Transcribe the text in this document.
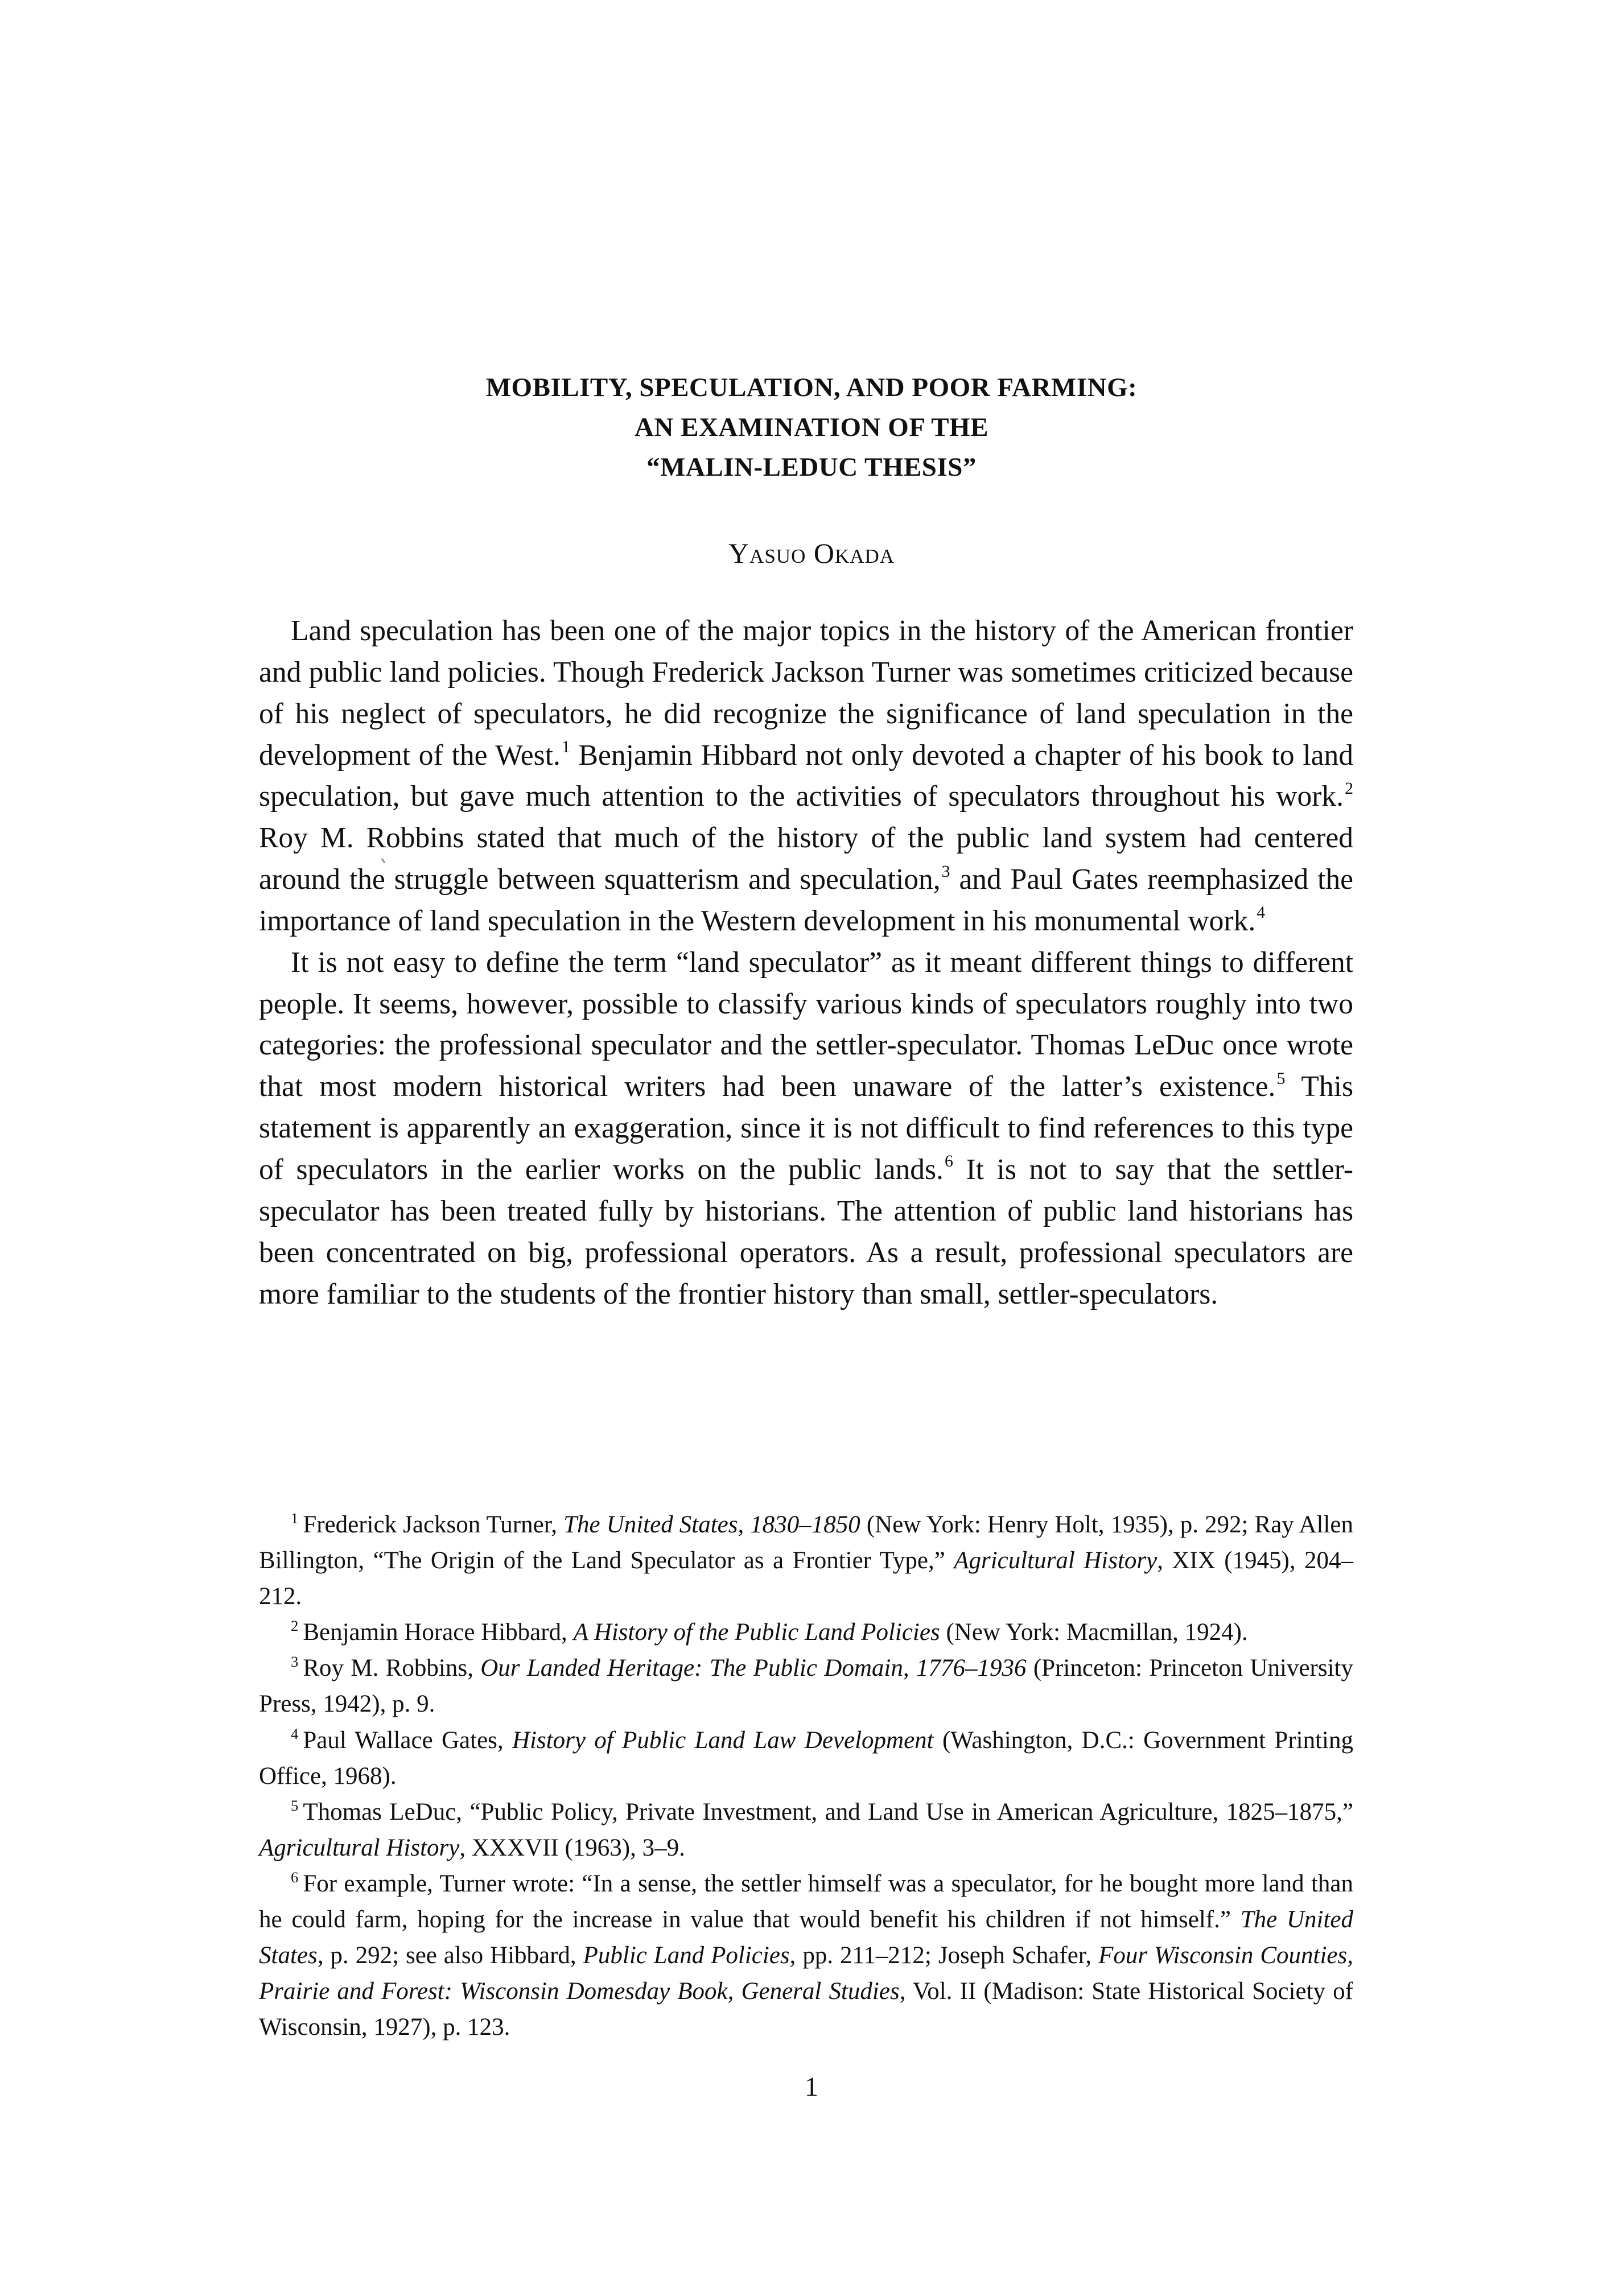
MOBILITY, SPECULATION, AND POOR FARMING:
AN EXAMINATION OF THE
“MALIN-LEDUC THESIS”
Yasuo Okada

Land speculation has been one of the major topics in the history of the American frontier and public land policies. Though Frederick Jackson Turner was sometimes criticized because of his neglect of speculators, he did recognize the significance of land speculation in the development of the West.$^1$ Benjamin Hibbard not only devoted a chapter of his book to land speculation, but gave much attention to the activities of speculators throughout his work.$^2$ Roy M. Robbins stated that much of the history of the public land system had centered around the struggle between squatterism and speculation,$^3$ and Paul Gates reemphasized the importance of land speculation in the Western development in his monumental work.$^4$

It is not easy to define the term “land speculator” as it meant different things to different people. It seems, however, possible to classify various kinds of speculators roughly into two categories: the professional speculator and the settler-speculator. Thomas LeDuc once wrote that most modern historical writers had been unaware of the latter’s existence.$^5$ This statement is apparently an exaggeration, since it is not difficult to find references to this type of speculators in the earlier works on the public lands.$^6$ It is not to say that the settler-speculator has been treated fully by historians. The attention of public land historians has been concentrated on big, professional operators. As a result, professional speculators are more familiar to the students of the frontier history than small, settler-speculators.

$^1$ Frederick Jackson Turner, The United States, 1830–1850 (New York: Henry Holt, 1935), p. 292; Ray Allen Billington, “The Origin of the Land Speculator as a Frontier Type,” Agricultural History, XIX (1945), 204–212.

$^2$ Benjamin Horace Hibbard, A History of the Public Land Policies (New York: Macmillan, 1924).

$^3$ Roy M. Robbins, Our Landed Heritage: The Public Domain, 1776–1936 (Princeton: Princeton University Press, 1942), p. 9.

$^4$ Paul Wallace Gates, History of Public Land Law Development (Washington, D.C.: Government Printing Office, 1968).

$^5$ Thomas LeDuc, “Public Policy, Private Investment, and Land Use in American Agriculture, 1825–1875,” Agricultural History, XXXVII (1963), 3–9.

$^6$ For example, Turner wrote: “In a sense, the settler himself was a speculator, for he bought more land than he could farm, hoping for the increase in value that would benefit his children if not himself.” The United States, p. 292; see also Hibbard, Public Land Policies, pp. 211–212; Joseph Schafer, Four Wisconsin Counties, Prairie and Forest: Wisconsin Domesday Book, General Studies, Vol. II (Madison: State Historical Society of Wisconsin, 1927), p. 123.

1
